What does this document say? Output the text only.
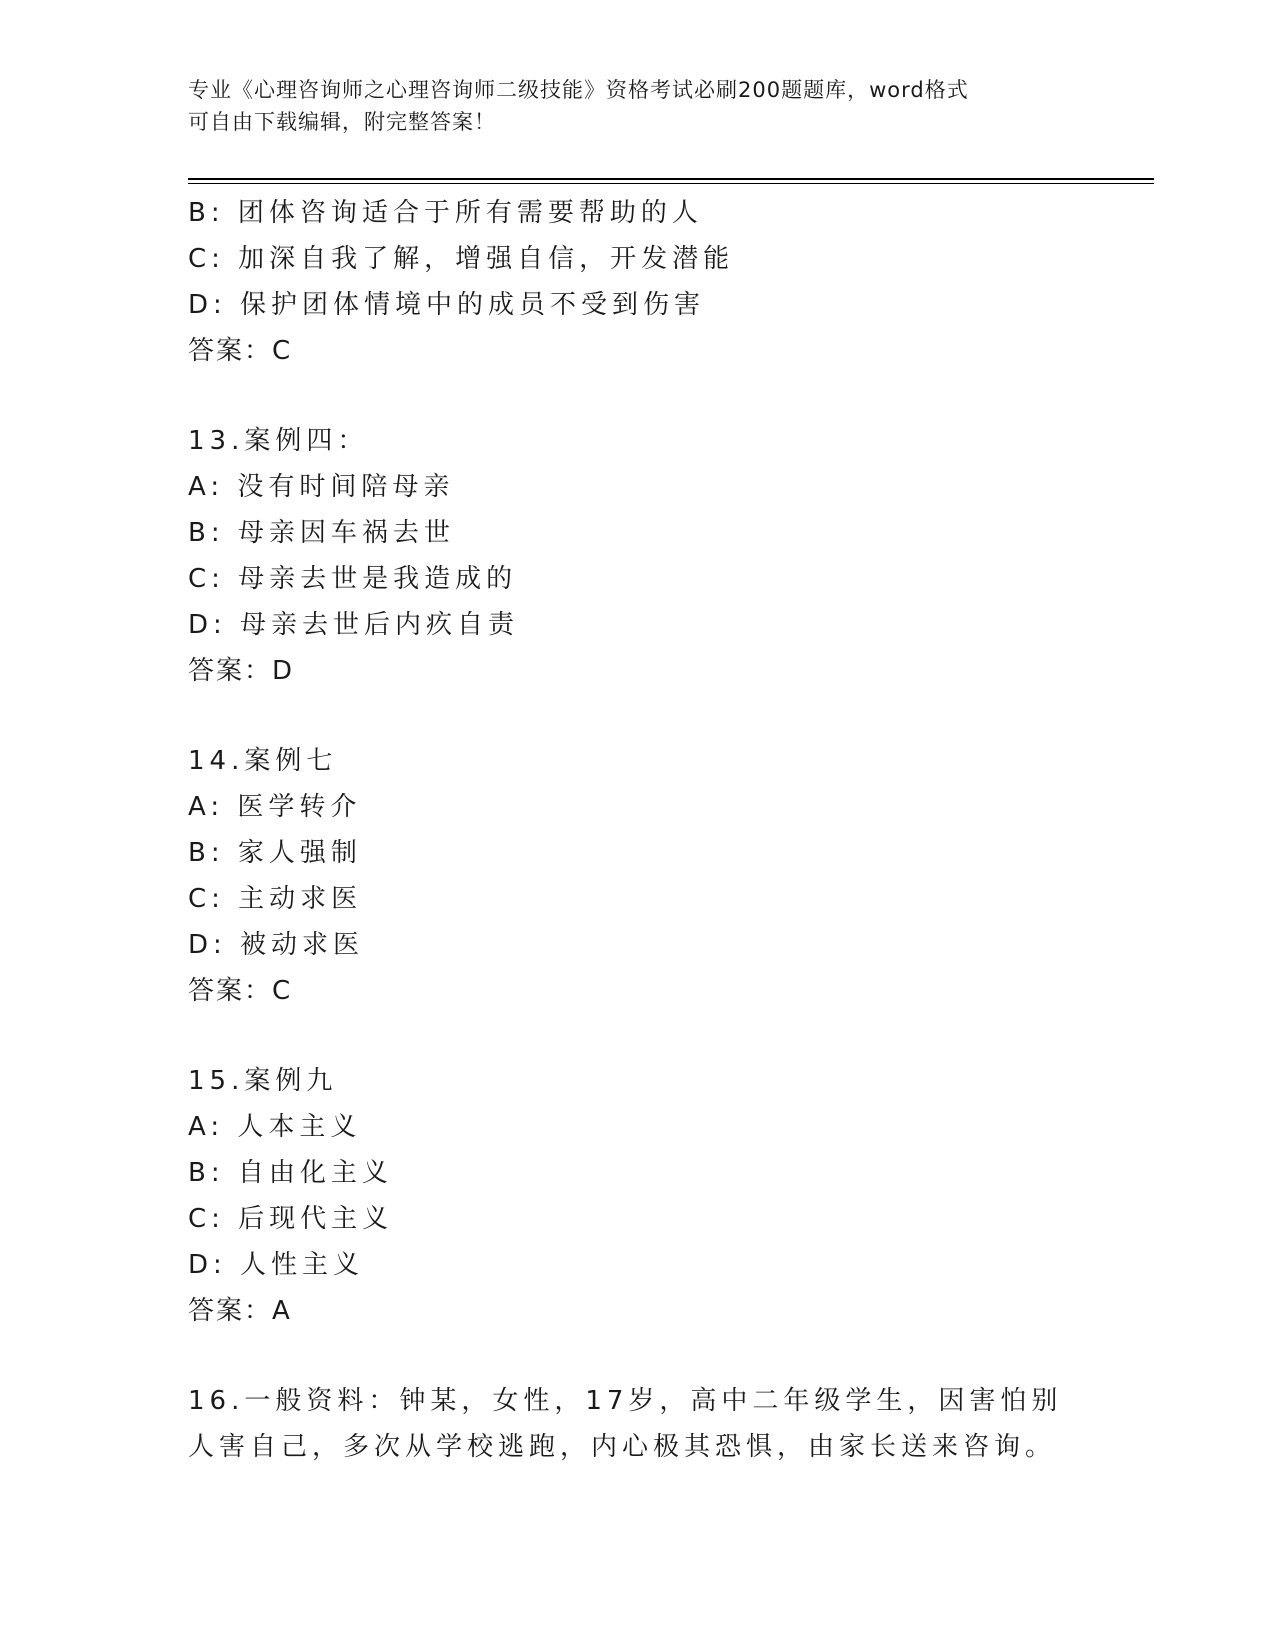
专业《心理咨询师之心理咨询师二级技能》资格考试必刷200题题库，word格式
可自由下载编辑，附完整答案！
B: 团体咨询适合于所有需要帮助的人
C: 加深自我了解，增强自信，开发潜能
D: 保护团体情境中的成员不受到伤害
答案：C
13.案例四：
A: 没有时间陪母亲
B: 母亲因车祸去世
C: 母亲去世是我造成的
D: 母亲去世后内疚自责
答案：D
14.案例七
A: 医学转介
B: 家人强制
C: 主动求医
D: 被动求医
答案：C
15.案例九
A: 人本主义
B: 自由化主义
C: 后现代主义
D: 人性主义
答案：A
16.一般资料：钟某，女性，17岁，高中二年级学生，因害怕别人害自己，多次从学校逃跑，内心极其恐惧，由家长送来咨询。
